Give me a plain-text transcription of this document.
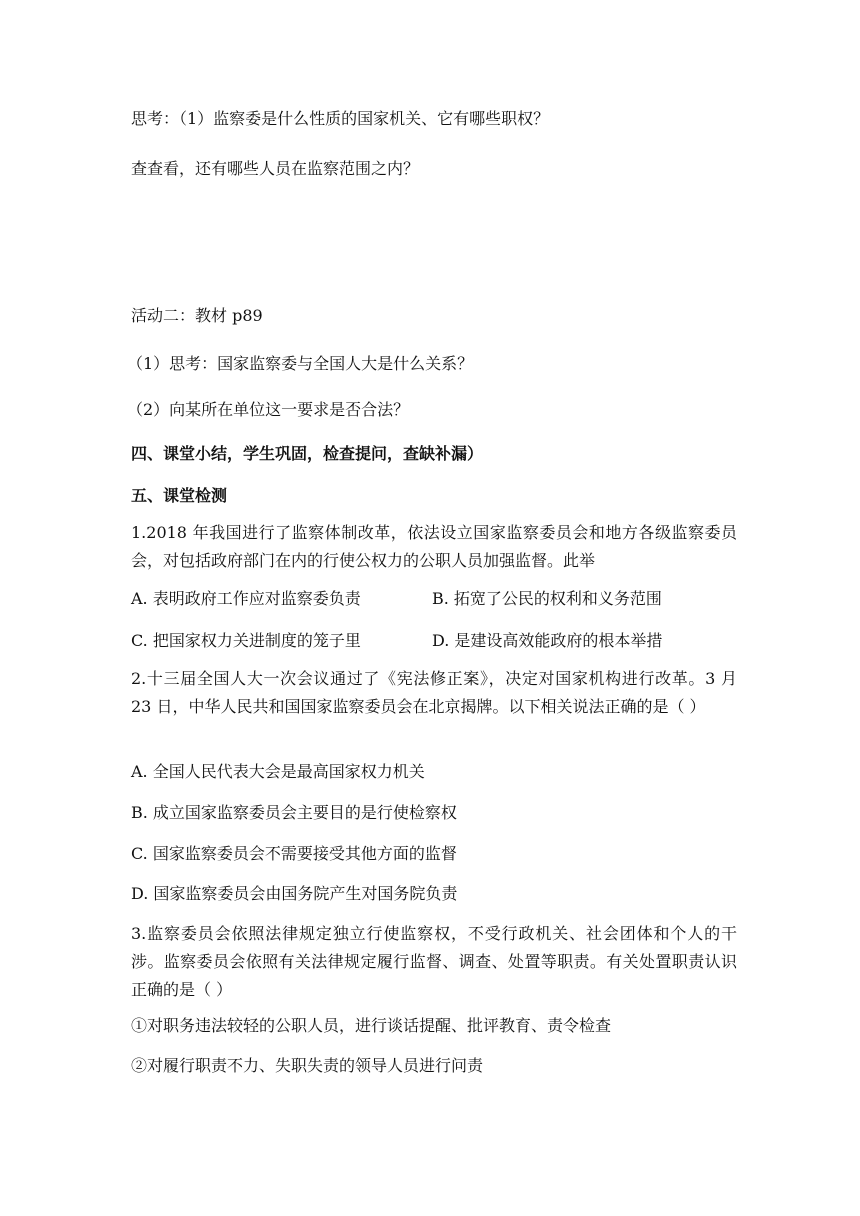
思考：（1）监察委是什么性质的国家机关、它有哪些职权？

查查看，还有哪些人员在监察范围之内？

活动二：教材 p89

（1）思考：国家监察委与全国人大是什么关系？

（2）向某所在单位这一要求是否合法？

四、课堂小结，学生巩固，检查提问，查缺补漏）

五、课堂检测

1.2018 年我国进行了监察体制改革，依法设立国家监察委员会和地方各级监察委员会，对包括政府部门在内的行使公权力的公职人员加强监督。此举

A. 表明政府工作应对监察委负责	B. 拓宽了公民的权利和义务范围

C. 把国家权力关进制度的笼子里	D. 是建设高效能政府的根本举措

2.十三届全国人大一次会议通过了《宪法修正案》，决定对国家机构进行改革。3 月 23 日，中华人民共和国国家监察委员会在北京揭牌。以下相关说法正确的是（ ）

A. 全国人民代表大会是最高国家权力机关

B. 成立国家监察委员会主要目的是行使检察权

C. 国家监察委员会不需要接受其他方面的监督

D. 国家监察委员会由国务院产生对国务院负责

3.监察委员会依照法律规定独立行使监察权，不受行政机关、社会团体和个人的干涉。监察委员会依照有关法律规定履行监督、调查、处置等职责。有关处置职责认识正确的是（ ）

①对职务违法较轻的公职人员，进行谈话提醒、批评教育、责令检查

②对履行职责不力、失职失责的领导人员进行问责
